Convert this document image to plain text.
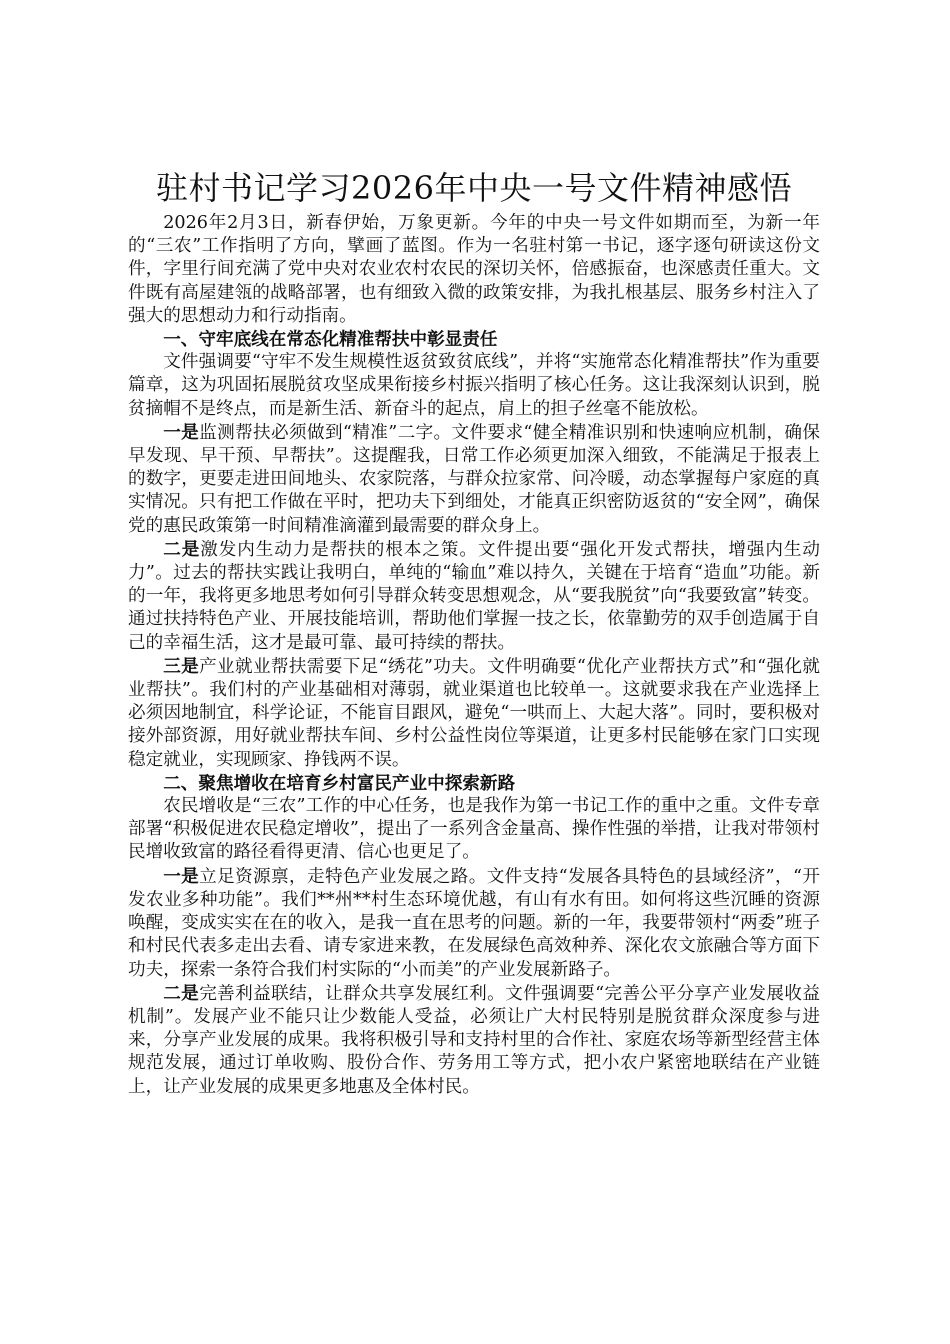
驻村书记学习2026年中央一号文件精神感悟

2026年2月3日，新春伊始，万象更新。今年的中央一号文件如期而至，为新一年的“三农”工作指明了方向，擘画了蓝图。作为一名驻村第一书记，逐字逐句研读这份文件，字里行间充满了党中央对农业农村农民的深切关怀，倍感振奋，也深感责任重大。文件既有高屋建瓴的战略部署，也有细致入微的政策安排，为我扎根基层、服务乡村注入了强大的思想动力和行动指南。

一、守牢底线在常态化精准帮扶中彰显责任

文件强调要“守牢不发生规模性返贫致贫底线”，并将“实施常态化精准帮扶”作为重要篇章，这为巩固拓展脱贫攻坚成果衔接乡村振兴指明了核心任务。这让我深刻认识到，脱贫摘帽不是终点，而是新生活、新奋斗的起点，肩上的担子丝毫不能放松。

一是监测帮扶必须做到“精准”二字。文件要求“健全精准识别和快速响应机制，确保早发现、早干预、早帮扶”。这提醒我，日常工作必须更加深入细致，不能满足于报表上的数字，更要走进田间地头、农家院落，与群众拉家常、问冷暖，动态掌握每户家庭的真实情况。只有把工作做在平时，把功夫下到细处，才能真正织密防返贫的“安全网”，确保党的惠民政策第一时间精准滴灌到最需要的群众身上。

二是激发内生动力是帮扶的根本之策。文件提出要“强化开发式帮扶，增强内生动力”。过去的帮扶实践让我明白，单纯的“输血”难以持久，关键在于培育“造血”功能。新的一年，我将更多地思考如何引导群众转变思想观念，从“要我脱贫”向“我要致富”转变。通过扶持特色产业、开展技能培训，帮助他们掌握一技之长，依靠勤劳的双手创造属于自己的幸福生活，这才是最可靠、最可持续的帮扶。

三是产业就业帮扶需要下足“绣花”功夫。文件明确要“优化产业帮扶方式”和“强化就业帮扶”。我们村的产业基础相对薄弱，就业渠道也比较单一。这就要求我在产业选择上必须因地制宜，科学论证，不能盲目跟风，避免“一哄而上、大起大落”。同时，要积极对接外部资源，用好就业帮扶车间、乡村公益性岗位等渠道，让更多村民能够在家门口实现稳定就业，实现顾家、挣钱两不误。

二、聚焦增收在培育乡村富民产业中探索新路

农民增收是“三农”工作的中心任务，也是我作为第一书记工作的重中之重。文件专章部署“积极促进农民稳定增收”，提出了一系列含金量高、操作性强的举措，让我对带领村民增收致富的路径看得更清、信心也更足了。

一是立足资源禀，走特色产业发展之路。文件支持“发展各具特色的县域经济”，“开发农业多种功能”。我们**州**村生态环境优越，有山有水有田。如何将这些沉睡的资源唤醒，变成实实在在的收入，是我一直在思考的问题。新的一年，我要带领村“两委”班子和村民代表多走出去看、请专家进来教，在发展绿色高效种养、深化农文旅融合等方面下功夫，探索一条符合我们村实际的“小而美”的产业发展新路子。

二是完善利益联结，让群众共享发展红利。文件强调要“完善公平分享产业发展收益机制”。发展产业不能只让少数能人受益，必须让广大村民特别是脱贫群众深度参与进来，分享产业发展的成果。我将积极引导和支持村里的合作社、家庭农场等新型经营主体规范发展，通过订单收购、股份合作、劳务用工等方式，把小农户紧密地联结在产业链上，让产业发展的成果更多地惠及全体村民。
